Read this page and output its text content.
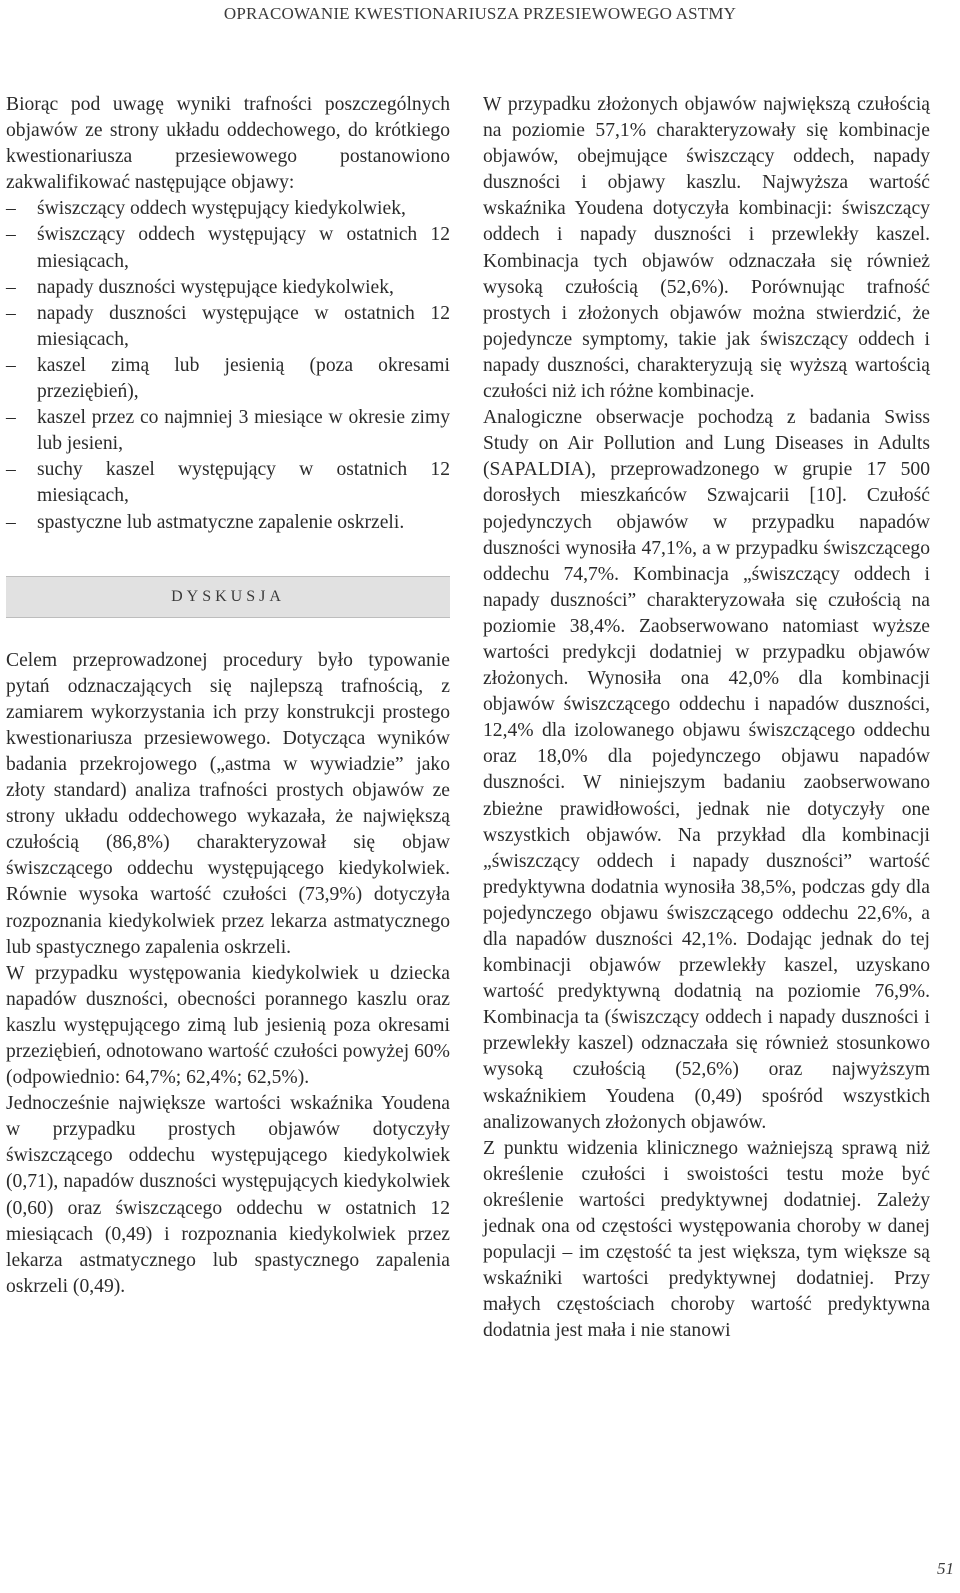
OPRACOWANIE KWESTIONARIUSZA PRZESIEWOWEGO ASTMY

Biorąc pod uwagę wyniki trafności poszczególnych objawów ze strony układu oddechowego, do krótkiego kwestionariusza przesiewowego postanowiono zakwalifikować następujące objawy:

– świszczący oddech występujący kiedykolwiek,
– świszczący oddech występujący w ostatnich 12 miesiącach,
– napady duszności występujące kiedykolwiek,
– napady duszności występujące w ostatnich 12 miesiącach,
– kaszel zimą lub jesienią (poza okresami przeziębień),
– kaszel przez co najmniej 3 miesiące w okresie zimy lub jesieni,
– suchy kaszel występujący w ostatnich 12 miesiącach,
– spastyczne lub astmatyczne zapalenie oskrzeli.
DYSKUSJA

Celem przeprowadzonej procedury było typowanie pytań odznaczających się najlepszą trafnością, z zamiarem wykorzystania ich przy konstrukcji prostego kwestionariusza przesiewowego. Dotycząca wyników badania przekrojowego („astma w wywiadzie” jako złoty standard) analiza trafności prostych objawów ze strony układu oddechowego wykazała, że największą czułością (86,8%) charakteryzował się objaw świszczącego oddechu występującego kiedykolwiek. Równie wysoka wartość czułości (73,9%) dotyczyła rozpoznania kiedykolwiek przez lekarza astmatycznego lub spastycznego zapalenia oskrzeli.

W przypadku występowania kiedykolwiek u dziecka napadów duszności, obecności porannego kaszlu oraz kaszlu występującego zimą lub jesienią poza okresami przeziębień, odnotowano wartość czułości powyżej 60% (odpowiednio: 64,7%; 62,4%; 62,5%).

Jednocześnie największe wartości wskaźnika Youdena w przypadku prostych objawów dotyczyły świszczącego oddechu występującego kiedykolwiek (0,71), napadów duszności występujących kiedykolwiek (0,60) oraz świszczącego oddechu w ostatnich 12 miesiącach (0,49) i rozpoznania kiedykolwiek przez lekarza astmatycznego lub spastycznego zapalenia oskrzeli (0,49).

W przypadku złożonych objawów największą czułością na poziomie 57,1% charakteryzowały się kombinacje objawów, obejmujące świszczący oddech, napady duszności i objawy kaszlu. Najwyższa wartość wskaźnika Youdena dotyczyła kombinacji: świszczący oddech i napady duszności i przewlekły kaszel. Kombinacja tych objawów odznaczała się również wysoką czułością (52,6%). Porównując trafność prostych i złożonych objawów można stwierdzić, że pojedyncze symptomy, takie jak świszczący oddech i napady duszności, charakteryzują się wyższą wartością czułości niż ich różne kombinacje.

Analogiczne obserwacje pochodzą z badania Swiss Study on Air Pollution and Lung Diseases in Adults (SAPALDIA), przeprowadzonego w grupie 17 500 dorosłych mieszkańców Szwajcarii [10]. Czułość pojedynczych objawów w przypadku napadów duszności wynosiła 47,1%, a w przypadku świszczącego oddechu 74,7%. Kombinacja „świszczący oddech i napady duszności” charakteryzowała się czułością na poziomie 38,4%. Zaobserwowano natomiast wyższe wartości predykcji dodatniej w przypadku objawów złożonych. Wynosiła ona 42,0% dla kombinacji objawów świszczącego oddechu i napadów duszności, 12,4% dla izolowanego objawu świszczącego oddechu oraz 18,0% dla pojedynczego objawu napadów duszności. W niniejszym badaniu zaobserwowano zbieżne prawidłowości, jednak nie dotyczyły one wszystkich objawów. Na przykład dla kombinacji „świszczący oddech i napady duszności” wartość predyktywna dodatnia wynosiła 38,5%, podczas gdy dla pojedynczego objawu świszczącego oddechu 22,6%, a dla napadów duszności 42,1%. Dodając jednak do tej kombinacji objawów przewlekły kaszel, uzyskano wartość predyktywną dodatnią na poziomie 76,9%. Kombinacja ta (świszczący oddech i napady duszności i przewlekły kaszel) odznaczała się również stosunkowo wysoką czułością (52,6%) oraz najwyższym wskaźnikiem Youdena (0,49) spośród wszystkich analizowanych złożonych objawów.

Z punktu widzenia klinicznego ważniejszą sprawą niż określenie czułości i swoistości testu może być określenie wartości predyktywnej dodatniej. Zależy jednak ona od częstości występowania choroby w danej populacji – im częstość ta jest większa, tym większe są wskaźniki wartości predyktywnej dodatniej. Przy małych częstościach choroby wartość predyktywna dodatnia jest mała i nie stanowi

51
